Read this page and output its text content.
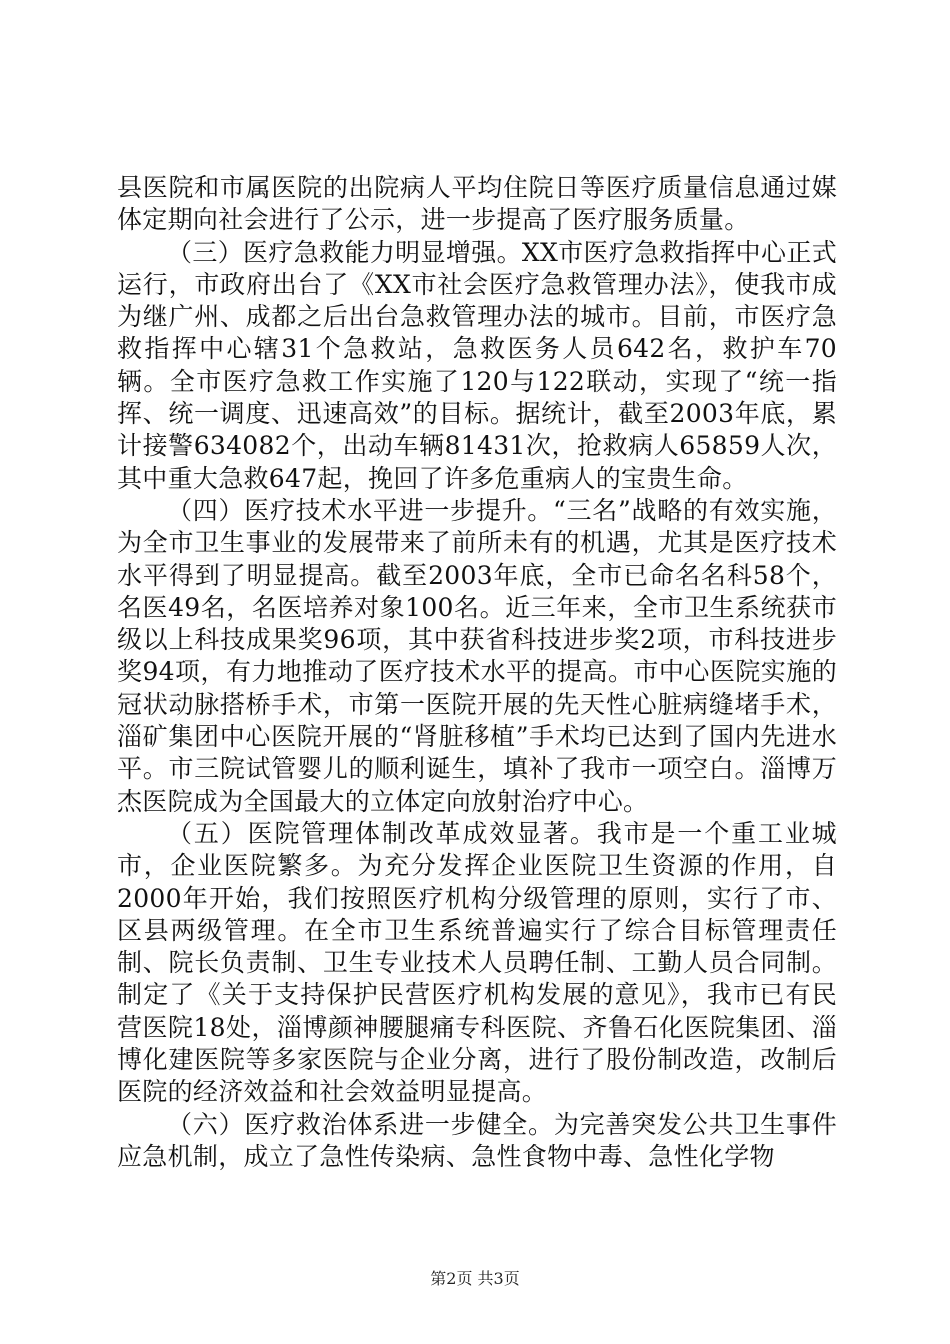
县医院和市属医院的出院病人平均住院日等医疗质量信息通过媒体定期向社会进行了公示，进一步提高了医疗服务质量。

（三）医疗急救能力明显增强。XX市医疗急救指挥中心正式运行，市政府出台了《XX市社会医疗急救管理办法》，使我市成为继广州、成都之后出台急救管理办法的城市。目前，市医疗急救指挥中心辖31个急救站，急救医务人员642名，救护车70辆。全市医疗急救工作实施了120与122联动，实现了“统一指挥、统一调度、迅速高效”的目标。据统计，截至2003年底，累计接警634082个，出动车辆81431次，抢救病人65859人次，其中重大急救647起，挽回了许多危重病人的宝贵生命。

（四）医疗技术水平进一步提升。“三名”战略的有效实施，为全市卫生事业的发展带来了前所未有的机遇，尤其是医疗技术水平得到了明显提高。截至2003年底，全市已命名名科58个，名医49名，名医培养对象100名。近三年来，全市卫生系统获市级以上科技成果奖96项，其中获省科技进步奖2项，市科技进步奖94项，有力地推动了医疗技术水平的提高。市中心医院实施的冠状动脉搭桥手术，市第一医院开展的先天性心脏病缝堵手术，淄矿集团中心医院开展的“肾脏移植”手术均已达到了国内先进水平。市三院试管婴儿的顺利诞生，填补了我市一项空白。淄博万杰医院成为全国最大的立体定向放射治疗中心。

（五）医院管理体制改革成效显著。我市是一个重工业城市，企业医院繁多。为充分发挥企业医院卫生资源的作用，自2000年开始，我们按照医疗机构分级管理的原则，实行了市、区县两级管理。在全市卫生系统普遍实行了综合目标管理责任制、院长负责制、卫生专业技术人员聘任制、工勤人员合同制。制定了《关于支持保护民营医疗机构发展的意见》，我市已有民营医院18处，淄博颜神腰腿痛专科医院、齐鲁石化医院集团、淄博化建医院等多家医院与企业分离，进行了股份制改造，改制后医院的经济效益和社会效益明显提高。

（六）医疗救治体系进一步健全。为完善突发公共卫生事件应急机制，成立了急性传染病、急性食物中毒、急性化学物

第2页 共3页
